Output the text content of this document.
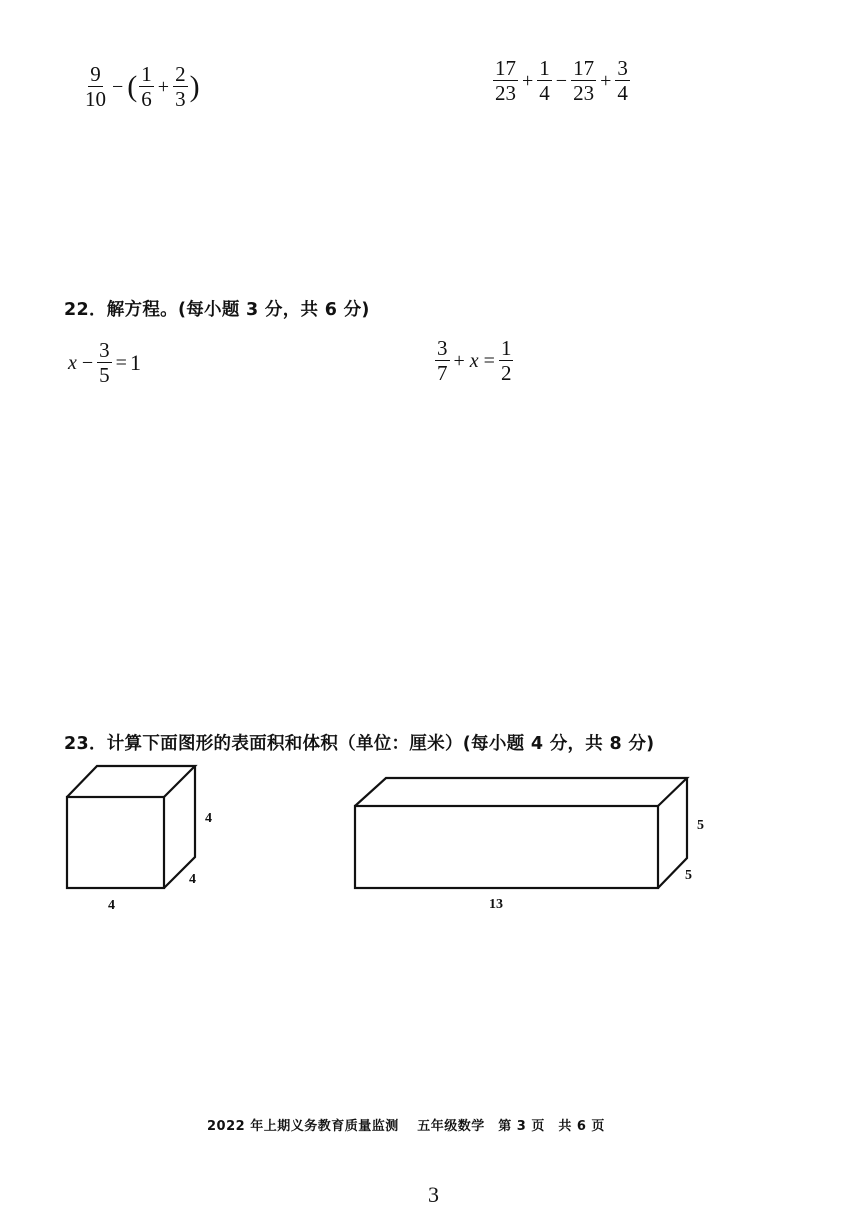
$\frac{9}{10}$ − ( $\frac{1}{6} + \frac{2}{3}$ )	$\frac{17}{23} + \frac{1}{4} - \frac{17}{23} + \frac{3}{4}$
22．解方程。(每小题 3 分，共 6 分)
$x - \frac{3}{5} = 1$	$\frac{3}{7} + x = \frac{1}{2}$
23．计算下面图形的表面积和体积（单位：厘米）(每小题 4 分，共 8 分)
4
4
4
5
5
13
2022 年上期义务教育质量监测　 五年级数学　第 3 页　共 6 页
3
